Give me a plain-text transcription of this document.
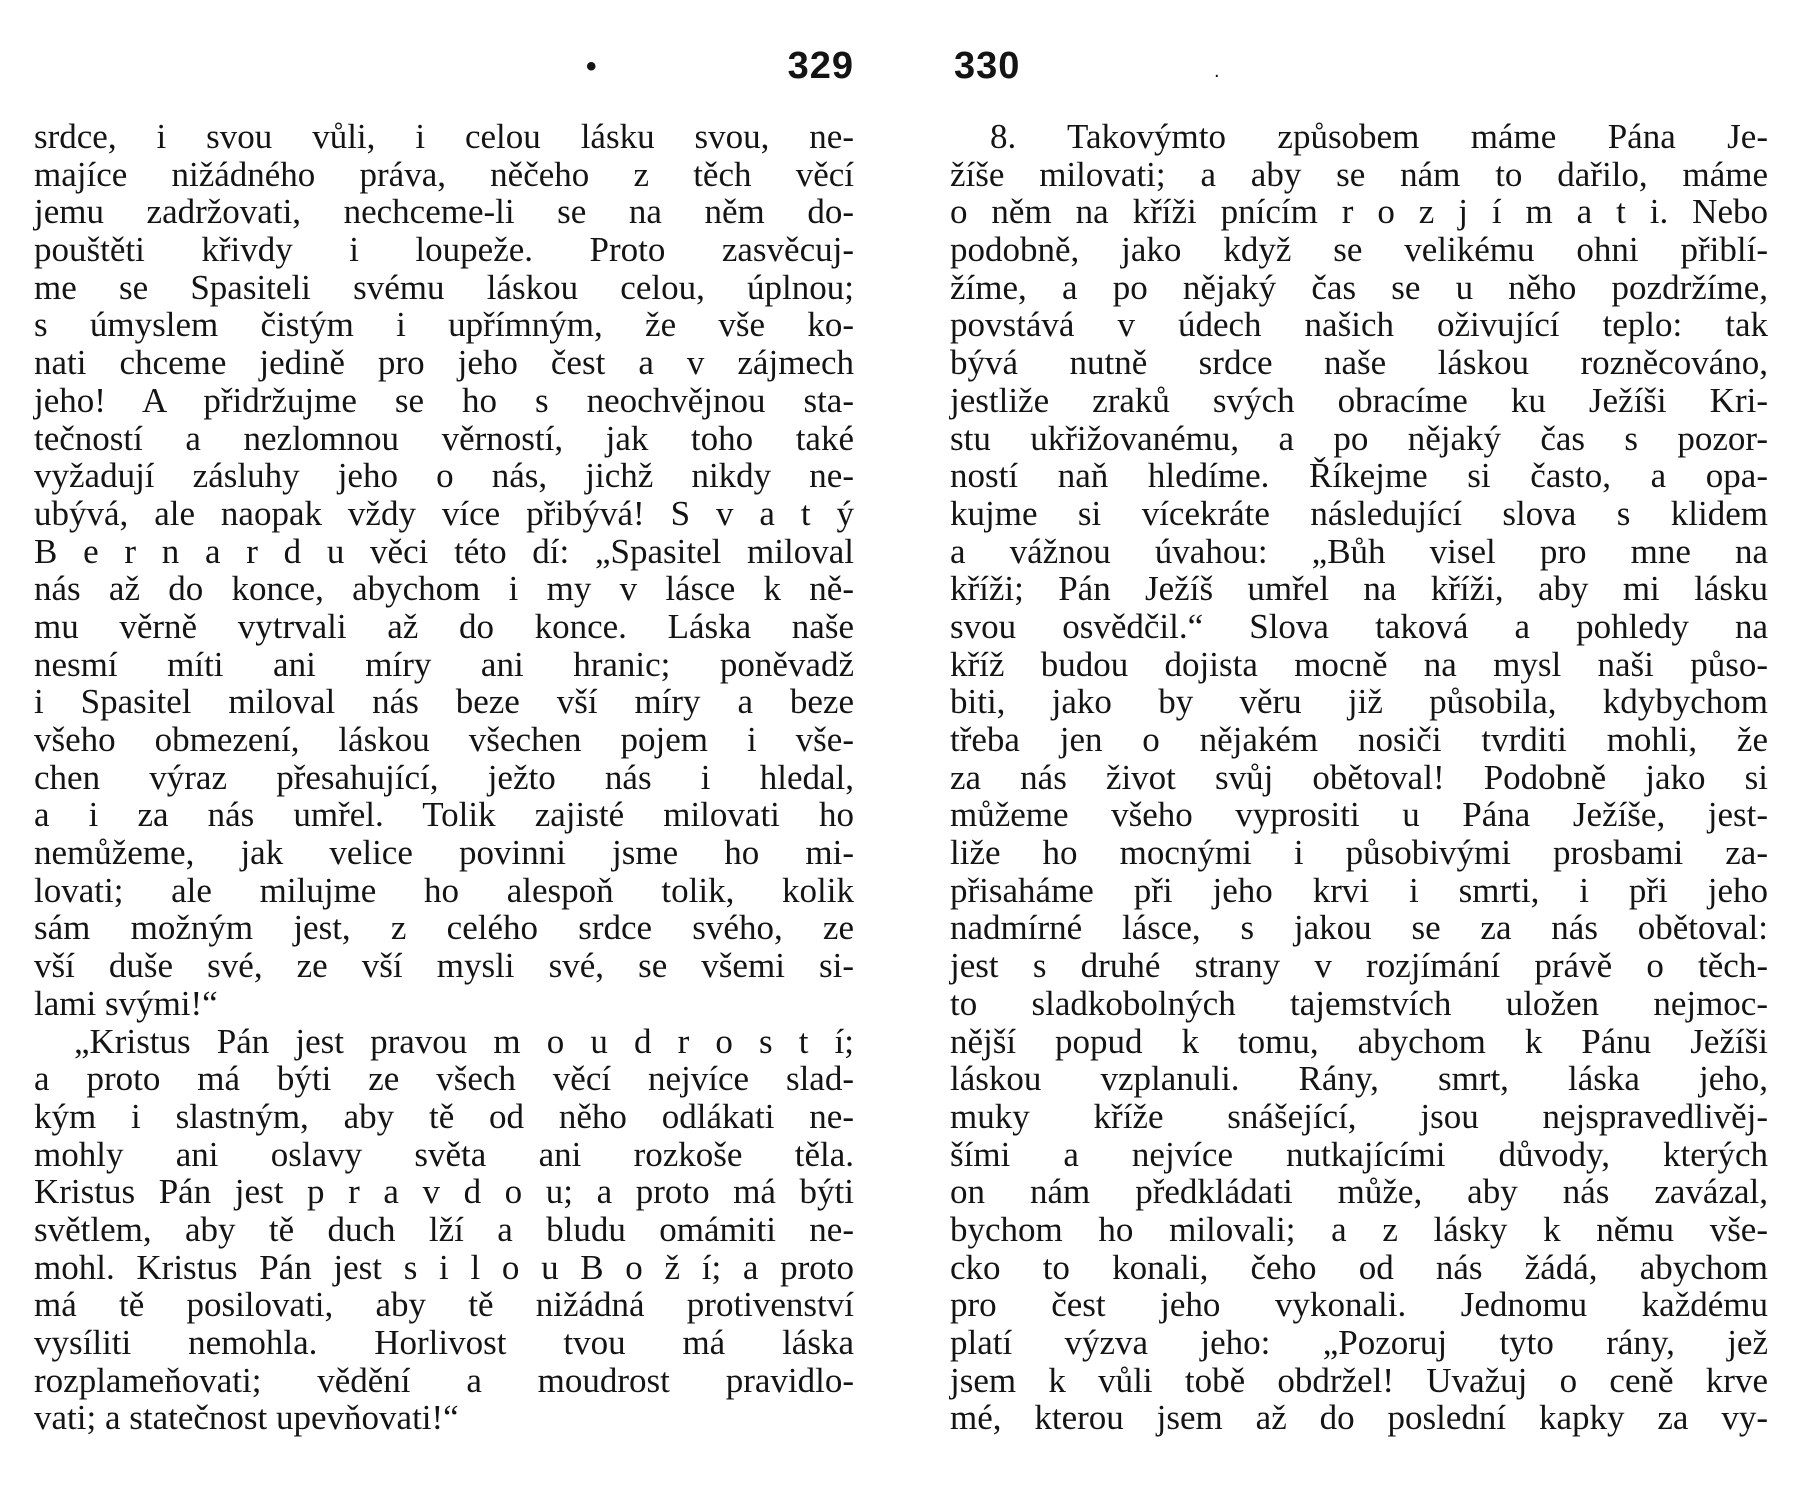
•	329
srdce, i svou vůli, i celou lásku svou, ne-
majíce nižádného práva, něčeho z těch věcí
jemu zadržovati, nechceme-li se na něm do-
pouštěti křivdy i loupeže. Proto zasvěcuj-
me se Spasiteli svému láskou celou, úplnou;
s úmyslem čistým i upřímným, že vše ko-
nati chceme jedině pro jeho čest a v zájmech
jeho! A přidržujme se ho s neochvějnou sta-
tečností a nezlomnou věrností, jak toho také
vyžadují zásluhy jeho o nás, jichž nikdy ne-
ubývá, ale naopak vždy více přibývá! S v a t ý
B e r n a r d u věci této dí: „Spasitel miloval
nás až do konce, abychom i my v lásce k ně-
mu věrně vytrvali až do konce. Láska naše
nesmí míti ani míry ani hranic; poněvadž
i Spasitel miloval nás beze vší míry a beze
všeho obmezení, láskou všechen pojem i vše-
chen výraz přesahující, ježto nás i hledal,
a i za nás umřel. Tolik zajisté milovati ho
nemůžeme, jak velice povinni jsme ho mi-
lovati; ale milujme ho alespoň tolik, kolik
sám možným jest, z celého srdce svého, ze
vší duše své, ze vší mysli své, se všemi si-
lami svými!“
„Kristus Pán jest pravou m o u d r o s t í;
a proto má býti ze všech věcí nejvíce slad-
kým i slastným, aby tě od něho odlákati ne-
mohly ani oslavy světa ani rozkoše těla.
Kristus Pán jest p r a v d o u; a proto má býti
světlem, aby tě duch lží a bludu omámiti ne-
mohl. Kristus Pán jest s i l o u B o ž í; a proto
má tě posilovati, aby tě nižádná protivenství
vysíliti nemohla. Horlivost tvou má láska
rozplameňovati; vědění a moudrost pravidlo-
vati; a statečnost upevňovati!“
330	.
8. Takovýmto způsobem máme Pána Je-
žíše milovati; a aby se nám to dařilo, máme
o něm na kříži pnícím r o z j í m a t i. Nebo
podobně, jako když se velikému ohni přiblí-
žíme, a po nějaký čas se u něho pozdržíme,
povstává v údech našich oživující teplo: tak
bývá nutně srdce naše láskou rozněcováno,
jestliže zraků svých obracíme ku Ježíši Kri-
stu ukřižovanému, a po nějaký čas s pozor-
ností naň hledíme. Říkejme si často, a opa-
kujme si vícekráte následující slova s klidem
a vážnou úvahou: „Bůh visel pro mne na
kříži; Pán Ježíš umřel na kříži, aby mi lásku
svou osvědčil.“ Slova taková a pohledy na
kříž budou dojista mocně na mysl naši půso-
biti, jako by věru již působila, kdybychom
třeba jen o nějakém nosiči tvrditi mohli, že
za nás život svůj obětoval! Podobně jako si
můžeme všeho vyprositi u Pána Ježíše, jest-
liže ho mocnými i působivými prosbami za-
přisaháme při jeho krvi i smrti, i při jeho
nadmírné lásce, s jakou se za nás obětoval:
jest s druhé strany v rozjímání právě o těch-
to sladkobolných tajemstvích uložen nejmoc-
nější popud k tomu, abychom k Pánu Ježíši
láskou vzplanuli. Rány, smrt, láska jeho,
muky kříže snášející, jsou nejspravedlivěj-
šími a nejvíce nutkajícími důvody, kterých
on nám předkládati může, aby nás zavázal,
bychom ho milovali; a z lásky k němu vše-
cko to konali, čeho od nás žádá, abychom
pro čest jeho vykonali. Jednomu každému
platí výzva jeho: „Pozoruj tyto rány, jež
jsem k vůli tobě obdržel! Uvažuj o ceně krve
mé, kterou jsem až do poslední kapky za vy-
